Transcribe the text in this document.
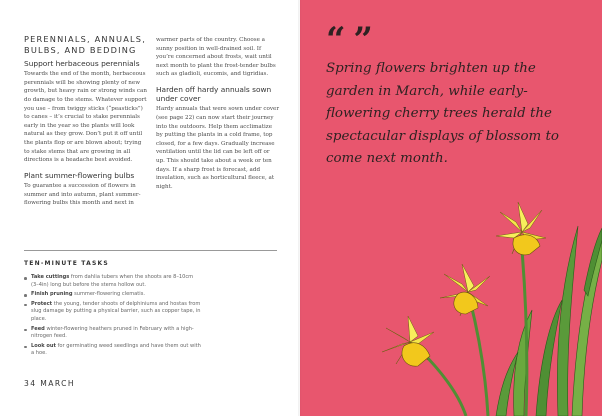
PERENNIALS, ANNUALS, BULBS, AND BEDDING
Support herbaceous perennials
Towards the end of the month, herbaceous perennials will be showing plenty of new growth, but heavy rain or strong winds can do damage to the stems. Whatever support you use – from twiggy sticks (“peasticks”) to canes – it’s crucial to stake perennials early in the year so the plants will look natural as they grow. Don’t put it off until the plants flop or are blown about; trying to stake stems that are growing in all directions is a headache best avoided.
Plant summer-flowering bulbs
To guarantee a succession of flowers in summer and into autumn, plant summer-flowering bulbs this month and next in
warmer parts of the country. Choose a sunny position in well-drained soil. If you’re concerned about frosts, wait until next month to plant the frost-tender bulbs such as gladioli, eucomis, and tigridias.
Harden off hardy annuals sown under cover
Hardy annuals that were sown under cover (see page 22) can now start their journey into the outdoors. Help them acclimatize by putting the plants in a cold frame, top closed, for a few days. Gradually increase ventilation until the lid can be left off or up. This should take about a week or ten days. If a sharp frost is forecast, add insulation, such as horticultural fleece, at night.
TEN-MINUTE TASKS
Take cuttings from dahlia tubers when the shoots are 8–10cm (3–4in) long but before the stems hollow out.
Finish pruning summer-flowering clematis.
Protect the young, tender shoots of delphiniums and hostas from slug damage by putting a physical barrier, such as copper tape, in place.
Feed winter-flowering heathers pruned in February with a high-nitrogen feed.
Look out for germinating weed seedlings and have them out with a hoe.
34 MARCH
“ ”
Spring flowers brighten up the garden in March, while early-flowering cherry trees herald the spectacular displays of blossom to come next month.
